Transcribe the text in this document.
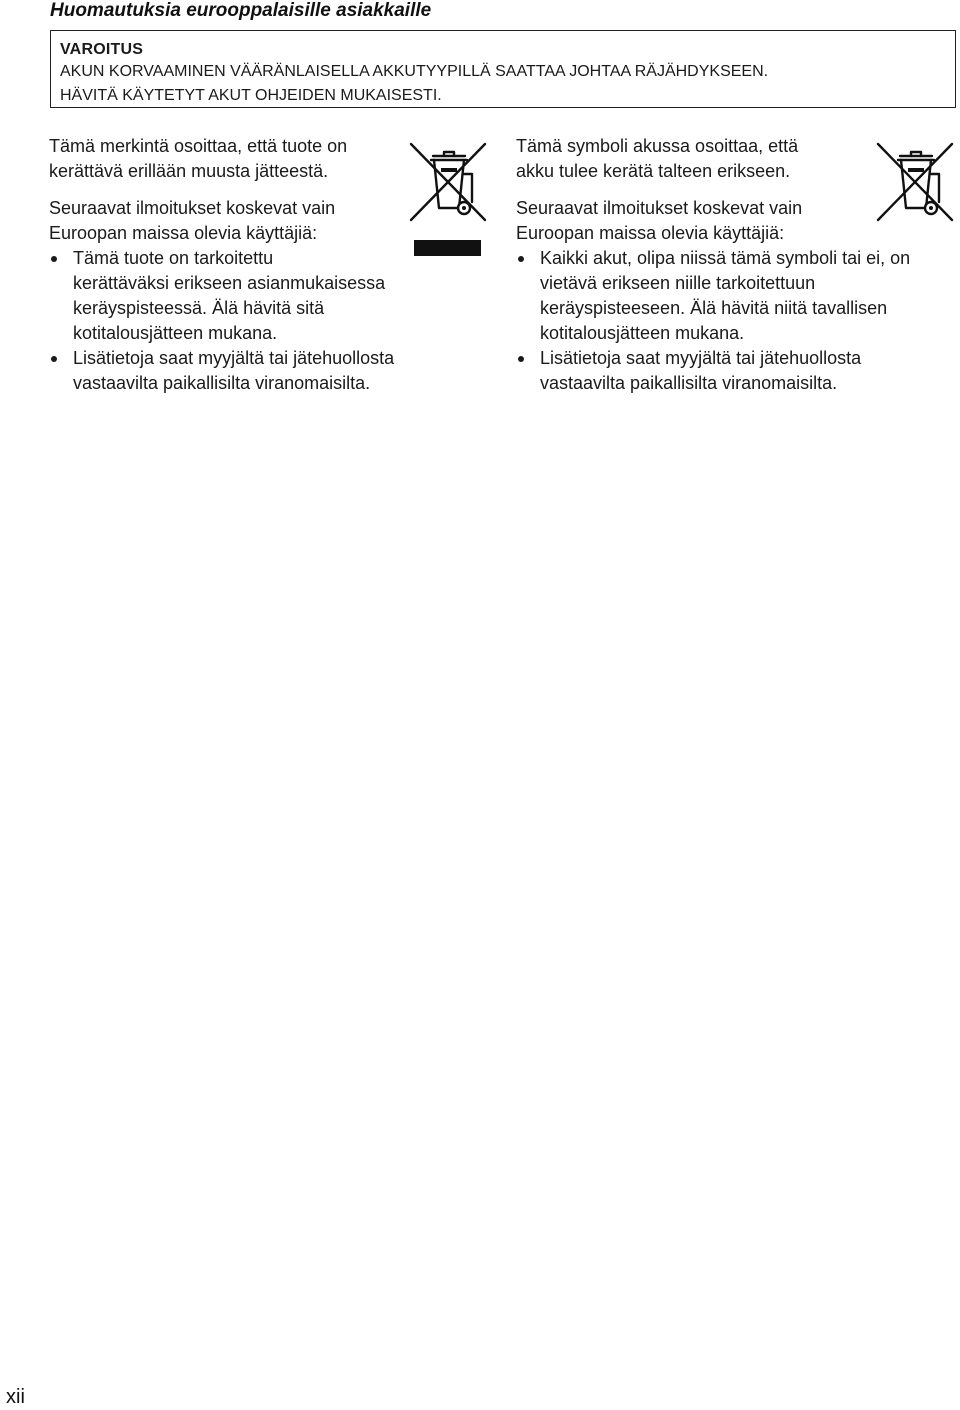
Huomautuksia eurooppalaisille asiakkaille
VAROITUS
AKUN KORVAAMINEN VÄÄRÄNLAISELLA AKKUTYYPILLÄ SAATTAA JOHTAA RÄJÄHDYKSEEN.
HÄVITÄ KÄYTETYT AKUT OHJEIDEN MUKAISESTI.

Tämä merkintä osoittaa, että tuote on
kerättävä erillään muusta jätteestä.

Seuraavat ilmoitukset koskevat vain
Euroopan maissa olevia käyttäjiä:

Tämä tuote on tarkoitettu
kerättäväksi erikseen asianmukaisessa
keräyspisteessä. Älä hävitä sitä
kotitalousjätteen mukana.
Lisätietoja saat myyjältä tai jätehuollosta
vastaavilta paikallisilta viranomaisilta.

Tämä symboli akussa osoittaa, että
akku tulee kerätä talteen erikseen.

Seuraavat ilmoitukset koskevat vain
Euroopan maissa olevia käyttäjiä:

Kaikki akut, olipa niissä tämä symboli tai ei, on
vietävä erikseen niille tarkoitettuun
keräyspisteeseen. Älä hävitä niitä tavallisen
kotitalousjätteen mukana.
Lisätietoja saat myyjältä tai jätehuollosta
vastaavilta paikallisilta viranomaisilta.
xii
